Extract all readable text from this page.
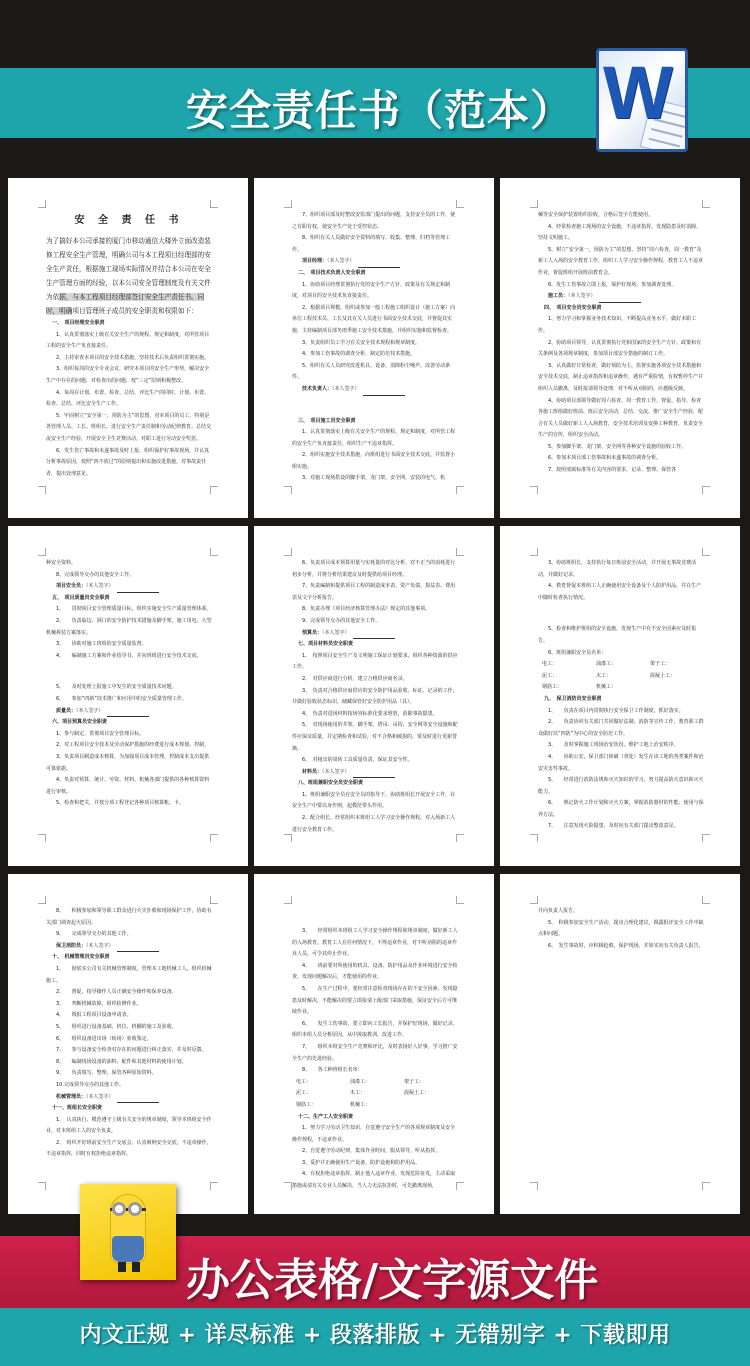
安全责任书（范本） W

安 全 责 任 书

为了搞好本公司承接的厦门市移动通信大楼外立面改造装修工程安全生产管理，明确公司与本工程项目经理部的安全生产责任，根据施工现场实际情况并结合本公司在安全生产管理方面的经验，以本公司安全管理制度及有关文件为依据，与本工程项目经理部签订安全生产责任书。同时，明确项目管理班子成员的安全职责和权限如下：

一、　项目经理安全职责

1、认真贯彻落实上级有关安全生产的规程、规定和制度，对所管项目工程的安全生产负直接责任。

2、主持审查本项目的安全技术措施，坚持技术后负责组织贯彻实施。

3、组织每周的安全专业会议，研究本项目的安全生产形势，解决安全生产中存在的问题，对检查出的问题，按“三定”原则积极整改。

4、每周在计划、布置、检查、总结、评比生产的同时，计划、布置、检查、总结、评比安全生产工作。

5、牢固树立“安全第一，预防为主”的思想，对本项目的员工，特别是各管理人员、工长、班组长，进行安全生产责任制和劳动纪律教育。总结交流安全生产经验，开展安全卫生竞赛活动，对职工进行劳动安全奖惩。

6、发生伤亡事故和未遂事故及时上报，组织保护好事故现场，并认真分析事故原因，按照“四不放过”的原则提出和实施改进措施，对事故责任者，提出处理意见。

7、组织项目部及时整改安监部门提出的问题，支持安全员的工作，使之有职有权，使安全生产处于受控状态。

8、组织有关人员做好安全资料的填写、收集、整理、归档等管理工作。

项目经理：（本人签字）

二、　项目技术负责人安全职责

1、协助项目经理贯彻执行党的安全生产方针，政策及有关规定和制度，对项目的安全技术负直接责任。

2、根据项目规模，组织或参加一般工程施工组织设计（施工方案）向单位工程技术员、工长及其有关人员进行书面安全技术交底，并督促其实施，主持编制项目部冬雨季施工安全技术措施，并组织实施和监督检查。

3、负责组织员工学习有关安全技术规程和规章制度。

4、参加工伤事故的调查分析，制定防范技术措施。

5、组织有关人员研究改进机具、设备，消除粉尘噪声，改善劳动条件。

技术负责人：（本人签字）

三、　项目施工员安全职责

1、认真贯彻落实上级有关安全生产的规程、规定和制度，对所管工程的安全生产负直接责任，组织生产不违章指挥。

2、组织实施安全技术措施，向班组进行书面安全技术交底，并监督小组实施。

3、对施工现场搭设的脚手架、龙门架、安全网、安装的电气、机

械等安全保护装置组织验收，合格后签字方能使用。

4、经常检查施工现场的安全设施，不违章指挥，发现隐患及时消除，坚持文明施工。

5、树立“安全第一，预防为主”的思想，坚持“周六检查，周一教育”及新工人入场的安全教育工作，组织工人学习安全操作规程，教育工人不违章作业，督促班组开展班前教育会。

6、发生工伤事故立即上报，保护好现场，参加调查处理。

施工员：（本人签字）

四、　项目安全员安全职责

1、努力学习和掌握业务技术知识，不断提高业务水平，做好本职工作。

2、协助项目领导，认真贯彻执行党和国家的安全生产方针、政策和有关条例及各项规章制度，参加项目部安全措施的制订工作。

3、认真做好日常检查，做好预防为主，监督实施各项安全技术措施和安全技术交底，制止违章指挥和违章操作，遇有严重险情，有权暂停生产并组织人员撤离，及时报请领导处理，对不听从劝阻的，应越级反映。

4、协助项目部领导做好周六检查、周一教育工作，督促、指导、检查各施工班组做好班前、班后安全活动，总结、交流、推广安全生产经验，配合有关人员做好新工人入场教育，安全技术培训及变换工种教育，负责安全生产的宣传，组织安全活动。

5、参加脚手架、龙门架、安全网等各种安全设施的验收工作。

6、参加本项目部工伤事故和未遂事故的调查分析。

7、按照部颁标准等有关内容的要求，记录、整理、保管各

种安全资料。

8、完成领导交办的其他安全工作。

项目安全员：（本人签字）

五、　项目质量员安全职责

1、　　贯彻项目安全管理质量目标，组织实施安全生产质量管理体系。

2、　　负责临边、洞口的安全防护技术措施及脚手架，施工用电、大型机械拆装方案落实。

3、　　协助对施工班组的安全质量监督。

4、　　编制施工方案和作业指导书，并向班组进行安全技术交底。

5、　　及时处理上报施工中发生的安全质量技术问题。

6、　　参加“四新”技术推广和应用中的安全质量管理工作。

质量员：（本人签字）

六、项目预算员安全职责

1、参与制定、贯彻项目安全管理目标。

2、对工程项目安全技术及劳动保护措施的经费进行成本规划、控制。

3、负责项目制造成本核算，为加强项目成本管理，控制成本支出提供可靠依据。

4、负责对预算、统计、劳资、材料、机械各部门提供的各种核算资料进行审核。

5、检查和把关，并按分项工程登记各种项目核算帐、卡。

6、负责项目成本预算用量与实耗量的对比分析，对不正当的消耗进行初步分析，并将分析结果建议及时提供给项目经理。

7、负责编制和提供项目工程的制造成本表、资产负债、损益表、费用表及文字分析报告。

8、负责办理《项目经济核算管理办法》规定的其他事项。

9、完成领导交办的其他安全工作。

预算员：（本人签字）

七、项目材料员安全职责

1、　按照项目安全生产及文明施工保证计划要求，组织各种资源的供应工作。

2、　对供应商进行分析，建立合格供应商名录。

3、　负责对合格供应商供应的安全防护用品验收、标证、记录的工作，并做好验收状态标识，储藏保管好安全防护用品（具）。

4、　负责对进场材料按场容标准化要求堆放，消除事故隐患。

5、　对现场使用的井架、脚手架、塔吊、吊钩、安全网等安全设施和配件应保证质量，并定期检查和试验，对不合格和破损的，要及时进行更新替换。

6、　对租出的周转工具质量负责，保证其安全性。

材料员：（本人签字）

八、班组兼职安全员安全职责

1、班组兼职安全员在安全员的指导下，协助班组长开展安全工作，在安全生产中要以身作则，起模范带头作用。

2、配合组长，经常组织本班组工人学习安全操作规程，对入场新工人进行安全教育工作。

3、协助班组长，支持执行每日班前安全活动，并开展无事故竞赛活动，并做好记录。

4、教育督促本班组工人正确使用安全设备及个人防护用品，并在生产中随时检查执行情况。

5、检查和维护班组的安全设施，发现生产中有不安全因素应及时报告。

6、班组兼职安全员名单：

电工：	油漆工：	架子工：
泥工：	木工：	混凝土工：
钢筋工：	机械工：

九、　保卫消防员安全职责

1、　　负责在项目内贯彻执行安全保卫工作制度，抓好落实。

2、　　负责协同有关部门共同做好法制、消防等宣传工作，教育职工群众做好以“四防”为中心的安全防范工作。

3、　　及时掌握施工现场治安状况，维护工地上治安秩序。

4、　　协助公安、保卫部门侦破（查处）发生在该工地的各类案件和治安灾害性事故。

5、　　经常进行消防法规和灭火知识的学习，努力提高防火意识和灭火能力。

6、　　熟记防火工作计划和灭火方案，掌握消防器材的性能、使用与保养方法。

7、　　注意发现火险隐患，及时向有关部门提出整改意见。

8、　　积极参加和领导职工群众进行火灾扑救和现场保护工作，协助有关部门调查起火原因。

9、　　完成领导交办的其他工作。

保卫消防员：（本人签字）

十、　机械管理员安全职责

1、　　彻底实公司有关机械管理制度，管理本工地机械工人，组织机械施工。

2、　　督促、指导操作人员正确安全操作和保养设备。

3、　　判断机械故障，组织检修作业。

4、　　填报工程项目设备申请表。

5、　　组织进行设备基础、机位、机棚的施工及验收。

6、　　组织设备进出场（转场）验收鉴定。

7、　　参与设备安全检查对存在的问题进行纠正落实，并及时反馈。

8、　　编制现场设备的油料、配件和其他材料的使用计划。

9、　　负责填写、整理，保管各种原始资料。

10.完成领导交办的其他工作。

机械管理员：（本人签字）

十一、班组长安全职责

1、　认真执行、模范遵守上级有关安全的规章制度，领导本班组安全作业，对本班组工人的安全负责。

2、　组织开好班前安全生产交底会，认真吸纳安全交底，不违章操作，不违章指挥，同时有权拒绝违章指挥。

3、　　经常组织本班组工人学习安全操作规程和规章制度，做好新工人的入场教育，教育工人在任何情况下，不得违章作业，对不听劝阻的违章作业人员，可令其停止作业。

4、　　班前要对所使用的机具、设备、防护用品及作业环境进行安全检查，发现问题解决后，才能使用的作业。

5、　　在生产过程中，要经常注意检查现场存在的不安全因素，发现隐患及时解决，不能解决的要立即报请上级部门采取措施，保证安全后方可继续作业。

6、　　发生工伤事故，要立即向工长报告，并保护好现场，做好记录，组织本组人员分析原因，从中汲取教训，改进工作。

7、　　组织本组安全生产竞赛和评比，及时表扬好人好事，学习推广安全生产的先进经验。

8、　　各工种班组长名单：

电工：	油漆工：	架子工：
泥工：	木工：	混凝土工：
钢筋工：	机械工：

十二、生产工人安全职责

1、努力学习劳动卫生知识，自觉遵守安全生产的各项规章制度及安全操作规程，不违章作业。

2、自觉遵守劳动纪律，集体作业时间，服从领导，听从指挥。

3、爱护并正确使用生产设备，防护设施和防护用品。

4、有权拒绝违章指挥，制止他人违章作业，发现危险征兆，主动采取措施或请有关专业人员解决，当人力无法抗拒时，可先撤离现场，

并向负责人报告。

5、　积极参加安全生产活动，提出合理化建议，揭露批评安全工作中缺点和问题。

6、　发生事故时，应积极抢救，保护现场，并如实向有关负责人报告。

办公表格/文字源文件
内文正规 + 详尽标准 + 段落排版 + 无错别字 + 下载即用
